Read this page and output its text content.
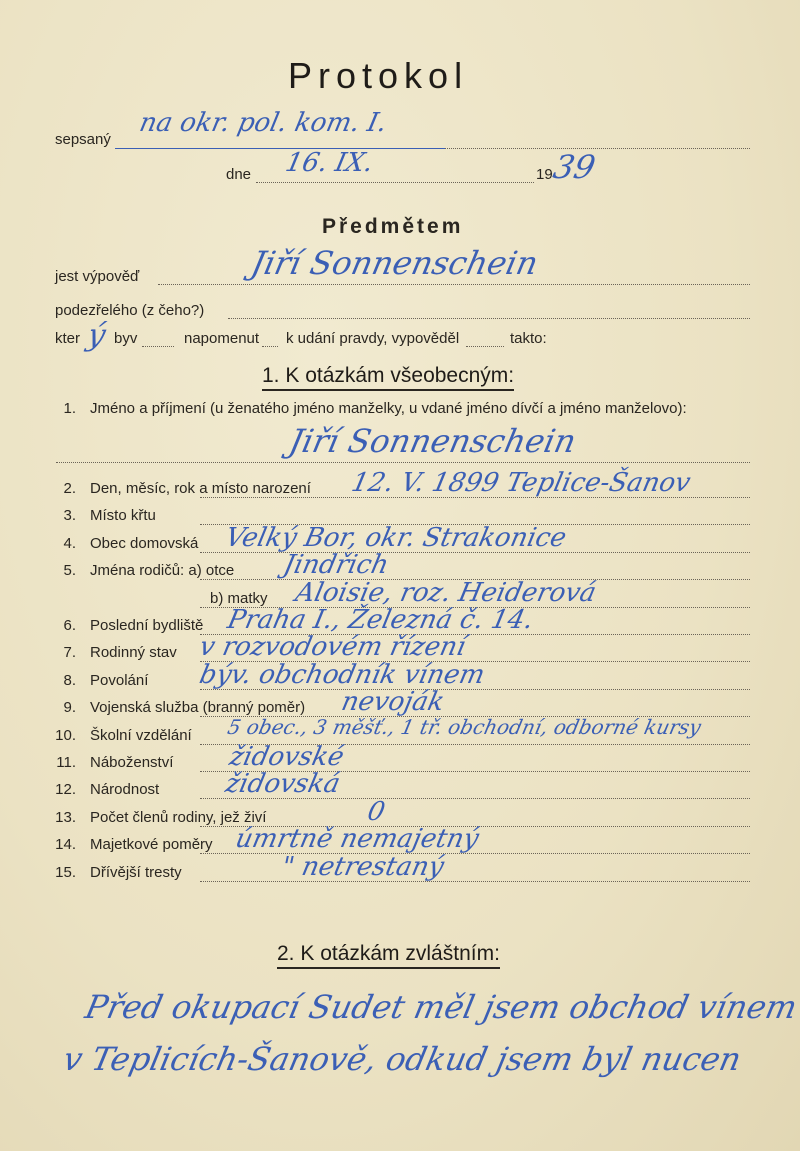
Protokol
sepsaný
na okr. pol. kom. I.
dne 16. IX.	19
39
Předmětem
jest výpověď	Jiří Sonnenschein
podezřelého (z čeho?)
kter ý byv	napomenut k udání pravdy, vypověděl	takto:
1. K otázkám všeobecným:
1. Jméno a příjmení (u ženatého jméno manželky, u vdané jméno dívčí a jméno manželovo):
Jiří Sonnenschein
2. Den, měsíc, rok a místo narození 12. V. 1899 Teplice-Šanov
3. Místo křtu
4. Obec domovská Velký Bor, okr. Strakonice
5. Jména rodičů: a) otce Jindřich
b) matky Aloisie, roz. Heiderová
6. Poslední bydliště Praha I., Železná č. 14.
7. Rodinný stav v rozvodovém řízení
8. Povolání býv. obchodník vínem
9. Vojenská služba (branný poměr) nevoják
10. Školní vzdělání 5 obec., 3 měšť., 1 tř. obchodní, odborné kursy
11. Náboženství židovské
12. Národnost židovská
13. Počet členů rodiny, jež živí	0
14. Majetkové poměry úmrtně nemajetný
15. Dřívější tresty	" netrestaný
2. K otázkám zvláštním:
Před okupací Sudet měl jsem obchod vínem
v Teplicích-Šanově, odkud jsem byl nucen
